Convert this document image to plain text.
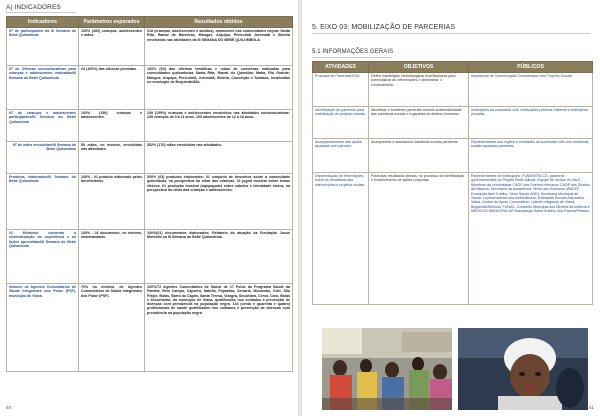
A) INDICADORES
Indicadores	Parâmetros esperados	Resultados obtidos
Nº de participantes da III Semana do Bebê Quilombola	100% (400) crianças, adolescentes e mães.	618 (crianças, adolescentes e adultos), moradores nas comunidades negras Santa Rita, Ramal de Barreiras, Mangue, Arquipa, Periculmã Jurematã e Siberia envolvidas nas atividades da III SEMANA DO BEBÊ QUILOMBOLA.
Nº de Oficinas socioeducativas para crianças e adolescentes realizadas/III Semana do Bebê Quilombola	04 (100%) das oficinas previstas.	100% (04) das oficinas temáticas e rodas de conversas realizadas para comunidades quilombolas Santa Rita; Ramal do Quindiba; Matia, Rio Grande; Mangue, Arquipa, Periculmã, Jurematã, Siberia, Conceição e Santana, localizadas no município de Bequimão/MA.
Nº de crianças e adolescentes participantes/III Semana do Bebê Quilombola	100% (150) crianças e adolescentes.	239 (159%) crianças e adolescentes envolvidos nas atividades socioeducativas: 239 crianças de 0 a 11 anos. 100 adolescentes de 12 a 18 anos.
Nº de mães envolvidas/III Semana do Bebê Quilombola	50 mães, no mínimo, envolvidas nas atividades.	352% (176) mães envolvidas nas atividades.
Produtos elaborados/III Semana do Bebê Quilombola	100% - 01 produto elaborado pelos beneficiários.	300% (03) produtos elaborados: 01 conjunto de desenhos sobre a comunidade quilombola, na perspectiva do olhar das crianças. 01 jogral musical sobre temas étnicos. 01 produção musical (rap/pagode) sobre cabelos e identidade étnica, na perspectiva do olhar das crianças e adolescentes.
01 Relatório contendo a sistematização da experiência e as lições aprendidas/III Semana do Bebê Quilombola	100% - 01 documento, no mínimo, sistematizado.	100%(01) documentos elaborados: Relatório da atuação da Fundação Josué Montello na III Semana do Bebê Quilombola.
Número de Agentes Comunitários de Saúde Integrantes dos Poloe (PSF), município de Viana.	70% no mínimo, de Agentes Comunitários de Saúde Integrantes dos Poloe (PSF).	100%/72 Agentes Comunitários de Saúde de 17 Polos do Programa Saúde da Família: Belo Campo, Cajueiro, Itafufia, Pojamiba, Serraria, Mocambo, Citel, São Felipe, Bolas, Barra do Capim, Santa Teresa, Vizagra, Secuitiara, Cerca, Caru, Bolas e Securitairia, do município de Viana, qualificados nos cuidados e prevenção de doenças com prevalência na população negra. 144 (cento e quarenta e quatro) profissionais de saúde qualificados nos cuidados e prevenção de doenças com prevalência na população negra.
40
5. EIXO 03: MOBILIZAÇÃO DE PARCERIAS
5.1 INFORMAÇÕES GERAIS
ATIVIDADES	OBJETIVOS	PÚBLICOS
Proposta de Parcerias/2016	Definir estratégias metodológicas mobilizadoras para potencializar as intervenções e disseminar o conhecimento.	Assessoria de Comunicação Coordenador das Projetos Sociais
Identificação de parceiros para mobilização de projetos sociais	Identificar e fortalecer parcerias visando sustentabilidade das iniciativas sociais e a garantia de direitos humanos.	Instituições da sociedade civil. Instituições públicas Sistema s Instituições privadas
Acompanhamento das ações apoiadas com parceria	Acompanhar e assessorar iniciativas sociais parceiras.	Representantes dos órgãos e entidades de sociedade civil com iniciativas sociais apoiadas parceiras.
Disseminação de informações sobre os resultados das intervenções e projetos sociais	Publicizar resultados obtidos, no processo de identificação e fortalecimento de ações conjuntas.	Representantes de instituições: FUNDINTELCO, parceiros governamentais do Projeto Rede Atitude; Equipe de Ventos do VALE, Membros da comunidade CAOF dos Direitos Humanos CAOP dos Direitos da Infância, Secretaria da Assistência, Tema dos Humanos UNICEF, Fundação Abel Coelho, Setor Saúde ANDI, Secretaria Municipal de Saúde, representantes dos Ambulatórios, Entidades Sociais Advocacia, Viana, Núcleo de Apoio Comunitário; Líderes religiosos de Viana, Bequimão/Mirinzal, FUNAC, Conselho Municipal dos Direitos da Infância e MÉDICOS MUNICIPAL/AP Associação Santo Antônio dos Pobres/Paraíso.
41
